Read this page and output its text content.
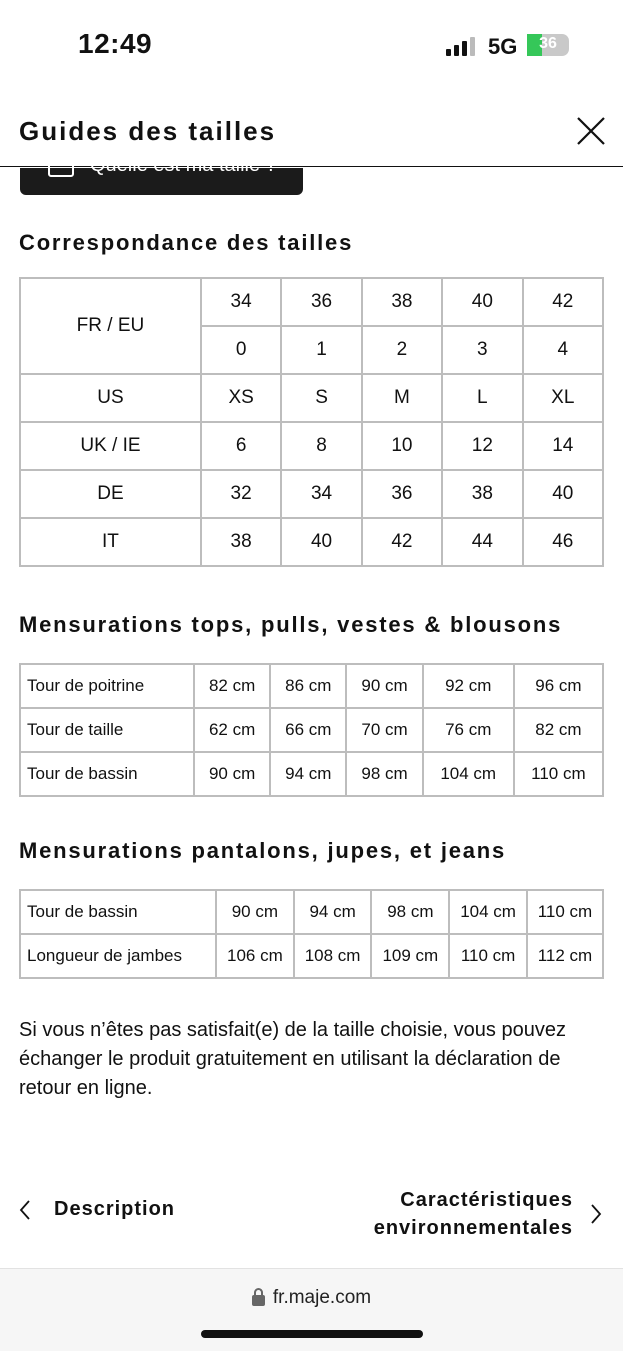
12:49	5G	36
Guides des tailles
Quelle est ma taille ?
Correspondance des tailles
FR / EU	34	36	38	40	42
	0	1	2	3	4
US	XS	S	M	L	XL
UK / IE	6	8	10	12	14
DE	32	34	36	38	40
IT	38	40	42	44	46
Mensurations tops, pulls, vestes & blousons
Tour de poitrine	82 cm	86 cm	90 cm	92 cm	96 cm
Tour de taille	62 cm	66 cm	70 cm	76 cm	82 cm
Tour de bassin	90 cm	94 cm	98 cm	104 cm	110 cm
Mensurations pantalons, jupes, et jeans
Tour de bassin	90 cm	94 cm	98 cm	104 cm	110 cm
Longueur de jambes	106 cm	108 cm	109 cm	110 cm	112 cm
Si vous n’êtes pas satisfait(e) de la taille choisie, vous pouvez échanger le produit gratuitement en utilisant la déclaration de retour en ligne.
Description	Caractéristiques
environnementales
fr.maje.com
